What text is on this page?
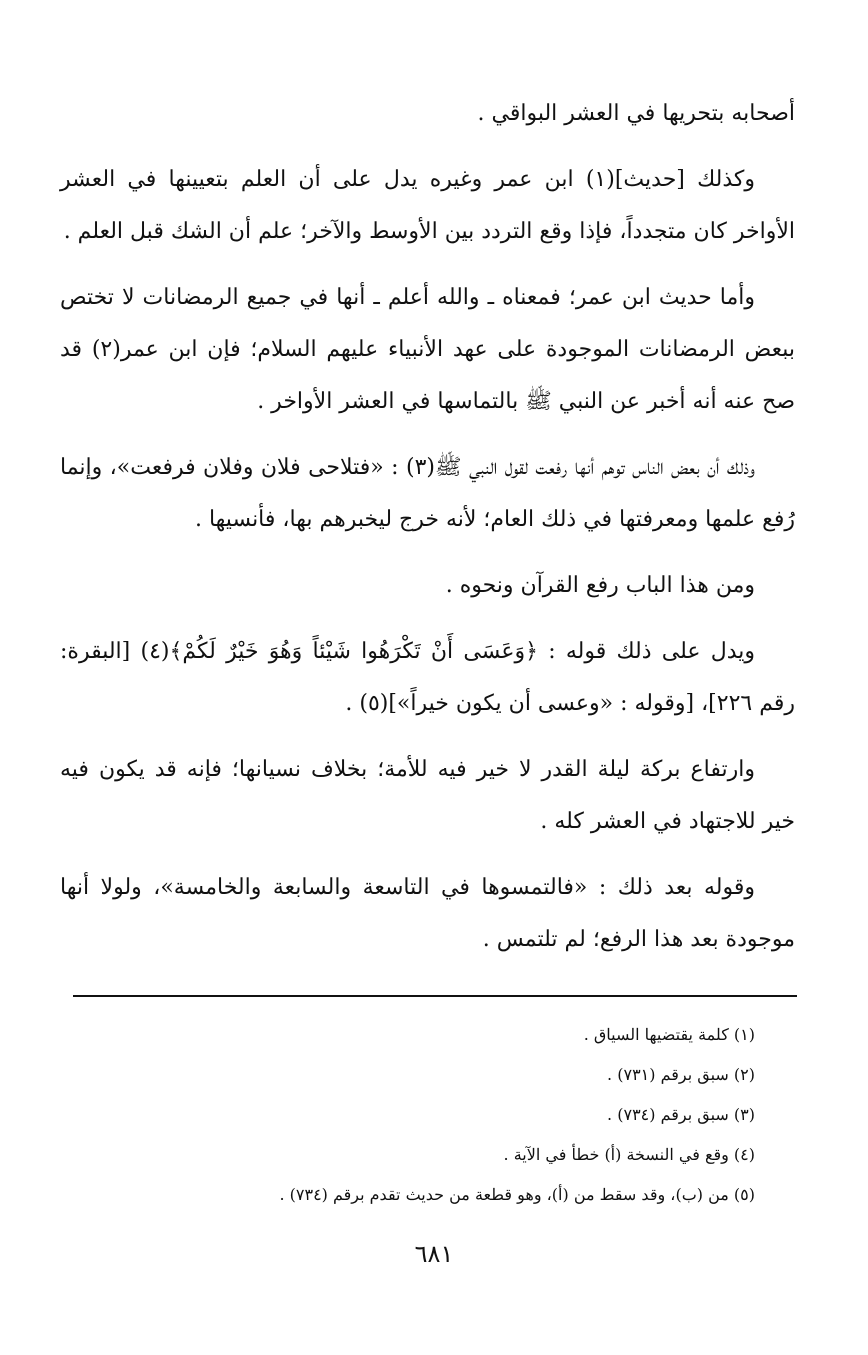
أصحابه بتحريها في العشر البواقي .

وكذلك [حديث](١) ابن عمر وغيره يدل على أن العلم بتعيينها في العشر الأواخر كان متجدداً، فإذا وقع التردد بين الأوسط والآخر؛ علم أن الشك قبل العلم .

وأما حديث ابن عمر؛ فمعناه ـ والله أعلم ـ أنها في جميع الرمضانات لا تختص ببعض الرمضانات الموجودة على عهد الأنبياء عليهم السلام؛ فإن ابن عمر(٢) قد صح عنه أنه أخبر عن النبي ﷺ بالتماسها في العشر الأواخر .

وذلك أن بعض الناس توهم أنها رفعت لقول النبي ﷺ(٣) : «فتلاحى فلان وفلان فرفعت»، وإنما رُفع علمها ومعرفتها في ذلك العام؛ لأنه خرج ليخبرهم بها، فأنسيها .

ومن هذا الباب رفع القرآن ونحوه .

ويدل على ذلك قوله : ﴿وَعَسَى أَنْ تَكْرَهُوا شَيْئاً وَهُوَ خَيْرٌ لَكُمْ﴾(٤) [البقرة: رقم ٢٢٦]، [وقوله : «وعسى أن يكون خيراً»](٥) .

وارتفاع بركة ليلة القدر لا خير فيه للأمة؛ بخلاف نسيانها؛ فإنه قد يكون فيه خير للاجتهاد في العشر كله .

وقوله بعد ذلك : «فالتمسوها في التاسعة والسابعة والخامسة»، ولولا أنها موجودة بعد هذا الرفع؛ لم تلتمس .

(١) كلمة يقتضيها السياق .

(٢) سبق برقم (٧٣١) .

(٣) سبق برقم (٧٣٤) .

(٤) وقع في النسخة (أ) خطأ في الآية .

(٥) من (ب)، وقد سقط من (أ)، وهو قطعة من حديث تقدم برقم (٧٣٤) .

٦٨١
